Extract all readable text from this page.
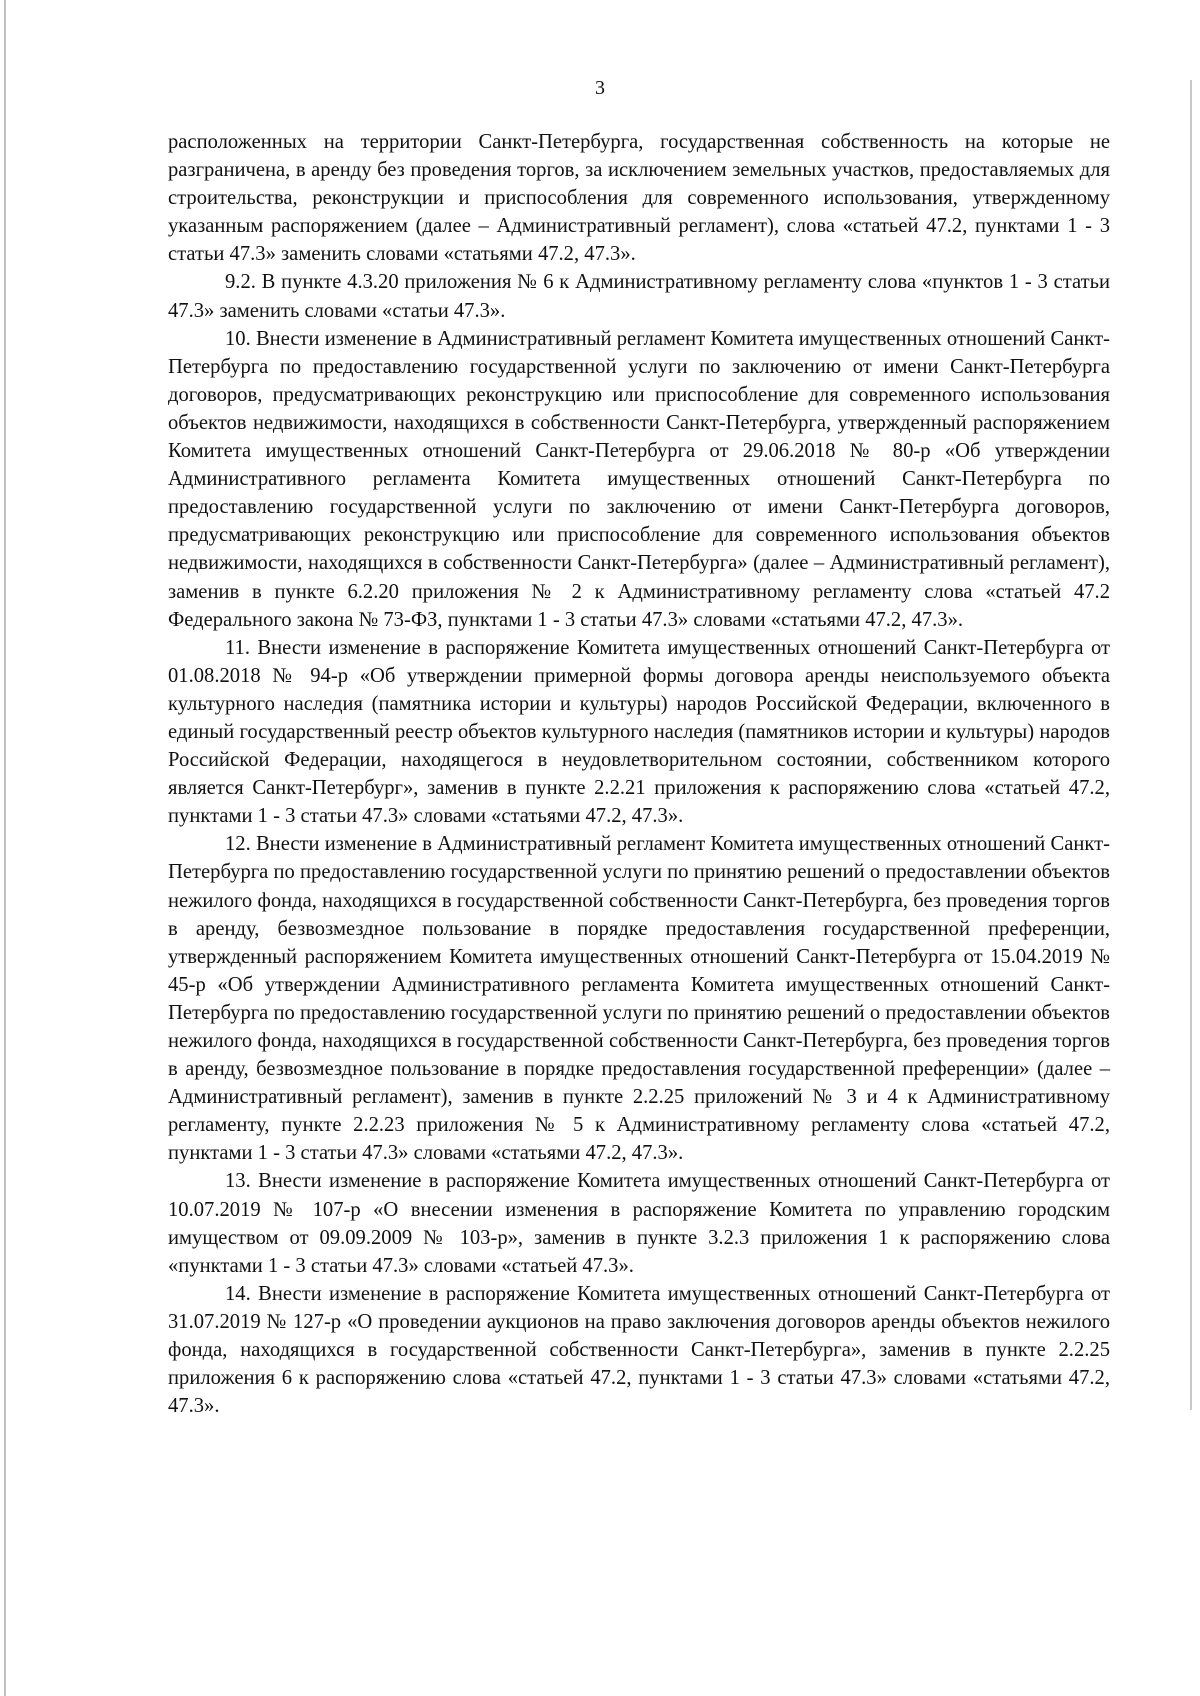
3

расположенных на территории Санкт-Петербурга, государственная собственность на которые не разграничена, в аренду без проведения торгов, за исключением земельных участков, предоставляемых для строительства, реконструкции и приспособления для современного использования, утвержденному указанным распоряжением (далее – Административный регламент), слова «статьей 47.2, пунктами 1 - 3 статьи 47.3» заменить словами «статьями 47.2, 47.3».

9.2. В пункте 4.3.20 приложения № 6 к Административному регламенту слова «пунктов 1 - 3 статьи 47.3» заменить словами «статьи 47.3».

10. Внести изменение в Административный регламент Комитета имущественных отношений Санкт-Петербурга по предоставлению государственной услуги по заключению от имени Санкт-Петербурга договоров, предусматривающих реконструкцию или приспособление для современного использования объектов недвижимости, находящихся в собственности Санкт-Петербурга, утвержденный распоряжением Комитета имущественных отношений Санкт-Петербурга от 29.06.2018 № 80-р «Об утверждении Административного регламента Комитета имущественных отношений Санкт-Петербурга по предоставлению государственной услуги по заключению от имени Санкт-Петербурга договоров, предусматривающих реконструкцию или приспособление для современного использования объектов недвижимости, находящихся в собственности Санкт-Петербурга» (далее – Административный регламент), заменив в пункте 6.2.20 приложения № 2 к Административному регламенту слова «статьей 47.2 Федерального закона № 73-ФЗ, пунктами 1 - 3 статьи 47.3» словами «статьями 47.2, 47.3».

11. Внести изменение в распоряжение Комитета имущественных отношений Санкт-Петербурга от 01.08.2018 № 94-р «Об утверждении примерной формы договора аренды неиспользуемого объекта культурного наследия (памятника истории и культуры) народов Российской Федерации, включенного в единый государственный реестр объектов культурного наследия (памятников истории и культуры) народов Российской Федерации, находящегося в неудовлетворительном состоянии, собственником которого является Санкт-Петербург», заменив в пункте 2.2.21 приложения к распоряжению слова «статьей 47.2, пунктами 1 - 3 статьи 47.3» словами «статьями 47.2, 47.3».

12. Внести изменение в Административный регламент Комитета имущественных отношений Санкт-Петербурга по предоставлению государственной услуги по принятию решений о предоставлении объектов нежилого фонда, находящихся в государственной собственности Санкт-Петербурга, без проведения торгов в аренду, безвозмездное пользование в порядке предоставления государственной преференции, утвержденный распоряжением Комитета имущественных отношений Санкт-Петербурга от 15.04.2019 № 45-р «Об утверждении Административного регламента Комитета имущественных отношений Санкт-Петербурга по предоставлению государственной услуги по принятию решений о предоставлении объектов нежилого фонда, находящихся в государственной собственности Санкт-Петербурга, без проведения торгов в аренду, безвозмездное пользование в порядке предоставления государственной преференции» (далее – Административный регламент), заменив в пункте 2.2.25 приложений № 3 и 4 к Административному регламенту, пункте 2.2.23 приложения № 5 к Административному регламенту слова «статьей 47.2, пунктами 1 - 3 статьи 47.3» словами «статьями 47.2, 47.3».

13. Внести изменение в распоряжение Комитета имущественных отношений Санкт-Петербурга от 10.07.2019 № 107-р «О внесении изменения в распоряжение Комитета по управлению городским имуществом от 09.09.2009 № 103-р», заменив в пункте 3.2.3 приложения 1 к распоряжению слова «пунктами 1 - 3 статьи 47.3» словами «статьей 47.3».

14. Внести изменение в распоряжение Комитета имущественных отношений Санкт-Петербурга от 31.07.2019 № 127-р «О проведении аукционов на право заключения договоров аренды объектов нежилого фонда, находящихся в государственной собственности Санкт-Петербурга», заменив в пункте 2.2.25 приложения 6 к распоряжению слова «статьей 47.2, пунктами 1 - 3 статьи 47.3» словами «статьями 47.2, 47.3».
